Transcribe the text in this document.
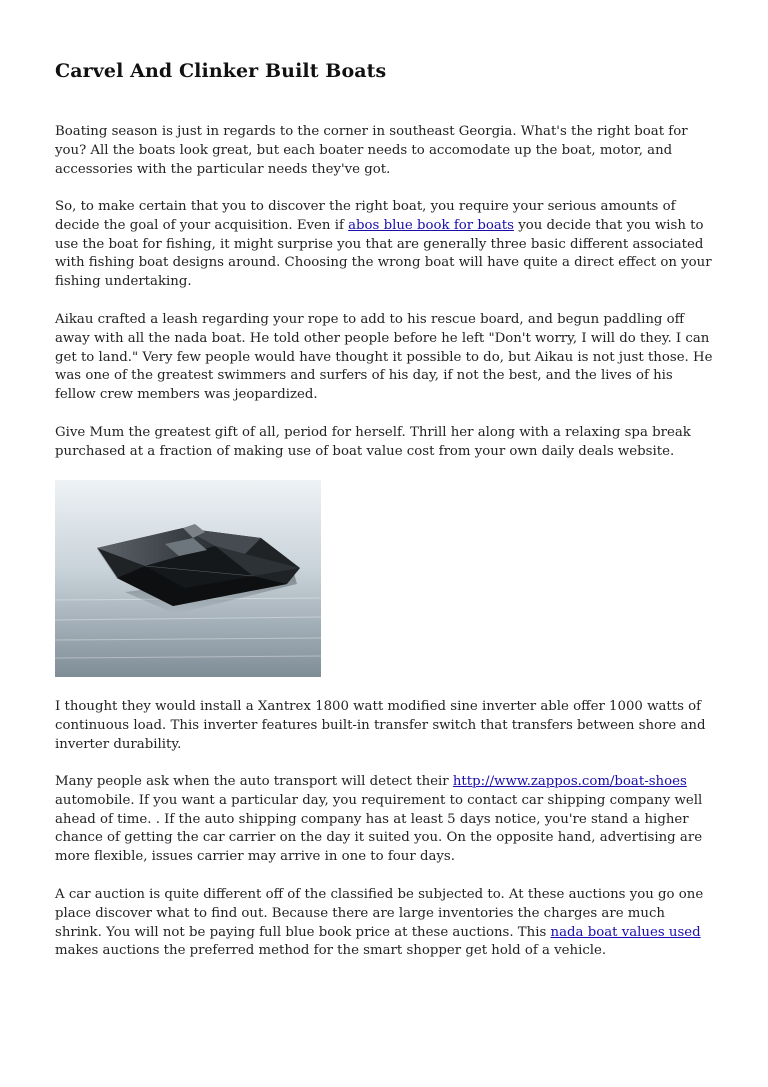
Carvel And Clinker Built Boats

Boating season is just in regards to the corner in southeast Georgia. What's the right boat for you? All the boats look great, but each boater needs to accomodate up the boat, motor, and accessories with the particular needs they've got.

So, to make certain that you to discover the right boat, you require your serious amounts of decide the goal of your acquisition. Even if abos blue book for boats you decide that you wish to use the boat for fishing, it might surprise you that are generally three basic different associated with fishing boat designs around. Choosing the wrong boat will have quite a direct effect on your fishing undertaking.

Aikau crafted a leash regarding your rope to add to his rescue board, and begun paddling off away with all the nada boat. He told other people before he left "Don't worry, I will do they. I can get to land." Very few people would have thought it possible to do, but Aikau is not just those. He was one of the greatest swimmers and surfers of his day, if not the best, and the lives of his fellow crew members was jeopardized.

Give Mum the greatest gift of all, period for herself. Thrill her along with a relaxing spa break purchased at a fraction of making use of boat value cost from your own daily deals website.

I thought they would install a Xantrex 1800 watt modified sine inverter able offer 1000 watts of continuous load. This inverter features built-in transfer switch that transfers between shore and inverter durability.

Many people ask when the auto transport will detect their http://www.zappos.com/boat-shoes automobile. If you want a particular day, you requirement to contact car shipping company well ahead of time. . If the auto shipping company has at least 5 days notice, you're stand a higher chance of getting the car carrier on the day it suited you. On the opposite hand, advertising are more flexible, issues carrier may arrive in one to four days.

A car auction is quite different off of the classified be subjected to. At these auctions you go one place discover what to find out. Because there are large inventories the charges are much shrink. You will not be paying full blue book price at these auctions. This nada boat values used makes auctions the preferred method for the smart shopper get hold of a vehicle.
